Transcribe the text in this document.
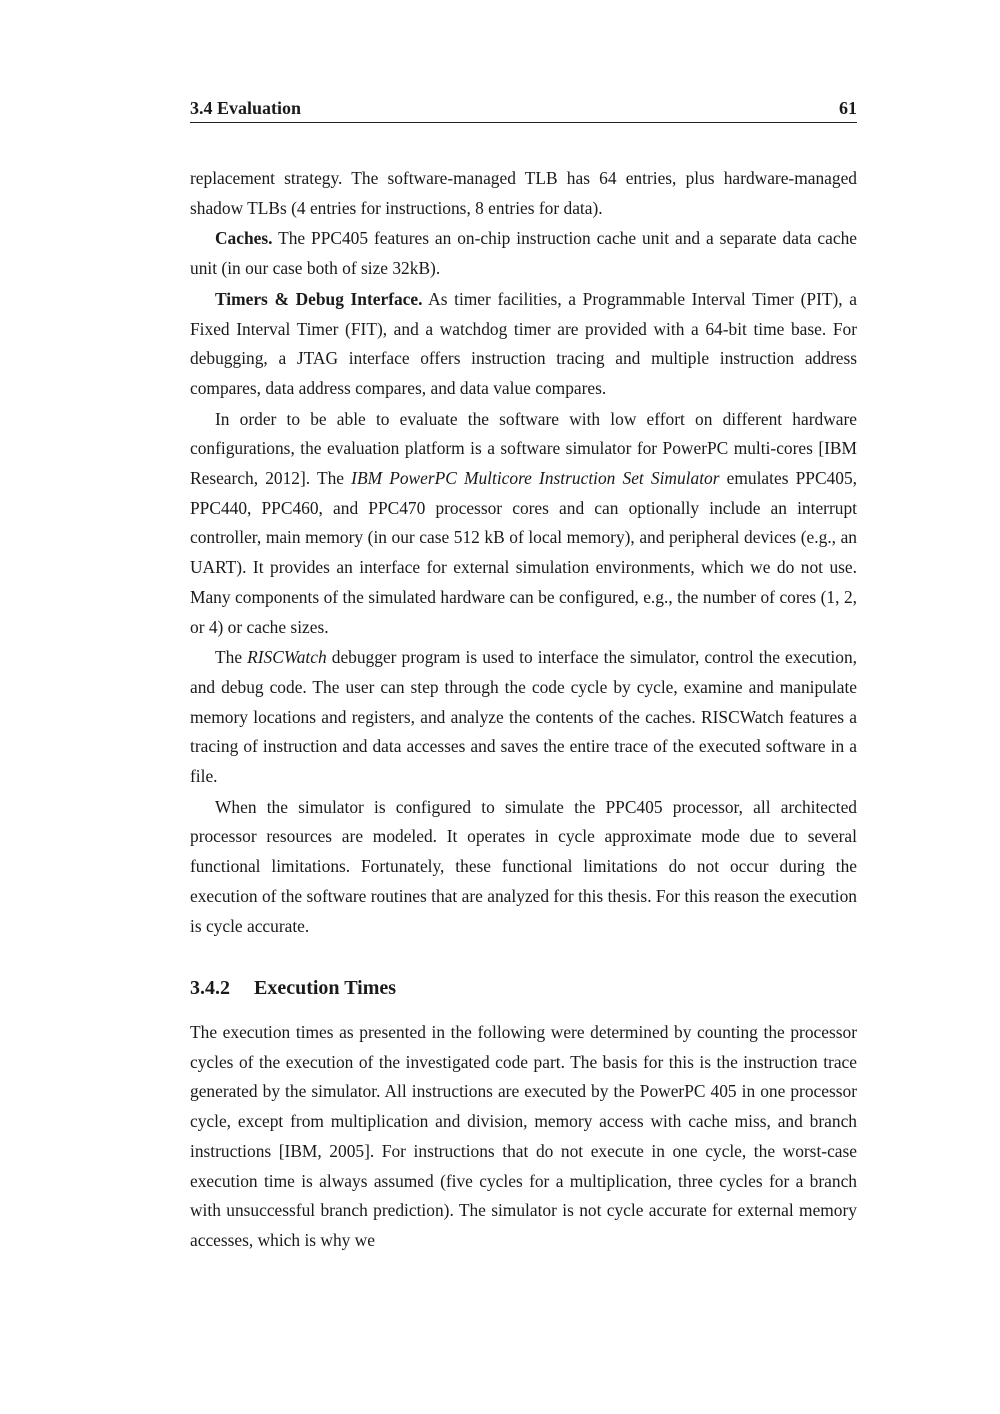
3.4 Evaluation	61

replacement strategy. The software-managed TLB has 64 entries, plus hardware-managed shadow TLBs (4 entries for instructions, 8 entries for data).

Caches. The PPC405 features an on-chip instruction cache unit and a separate data cache unit (in our case both of size 32kB).

Timers & Debug Interface. As timer facilities, a Programmable Interval Timer (PIT), a Fixed Interval Timer (FIT), and a watchdog timer are provided with a 64-bit time base. For debugging, a JTAG interface offers instruction tracing and multiple instruction address compares, data address compares, and data value compares.

In order to be able to evaluate the software with low effort on different hardware configurations, the evaluation platform is a software simulator for PowerPC multi-cores [IBM Research, 2012]. The IBM PowerPC Multicore Instruction Set Simulator emulates PPC405, PPC440, PPC460, and PPC470 processor cores and can optionally include an interrupt controller, main memory (in our case 512 kB of local memory), and peripheral devices (e.g., an UART). It provides an interface for external simulation environments, which we do not use. Many components of the simulated hardware can be configured, e.g., the number of cores (1, 2, or 4) or cache sizes.

The RISCWatch debugger program is used to interface the simulator, control the execution, and debug code. The user can step through the code cycle by cycle, examine and manipulate memory locations and registers, and analyze the contents of the caches. RISCWatch features a tracing of instruction and data accesses and saves the entire trace of the executed software in a file.

When the simulator is configured to simulate the PPC405 processor, all architected processor resources are modeled. It operates in cycle approximate mode due to several functional limitations. Fortunately, these functional limitations do not occur during the execution of the software routines that are analyzed for this thesis. For this reason the execution is cycle accurate.

3.4.2 Execution Times

The execution times as presented in the following were determined by counting the processor cycles of the execution of the investigated code part. The basis for this is the instruction trace generated by the simulator. All instructions are executed by the PowerPC 405 in one processor cycle, except from multiplication and division, memory access with cache miss, and branch instructions [IBM, 2005]. For instructions that do not execute in one cycle, the worst-case execution time is always assumed (five cycles for a multiplication, three cycles for a branch with unsuccessful branch prediction). The simulator is not cycle accurate for external memory accesses, which is why we
